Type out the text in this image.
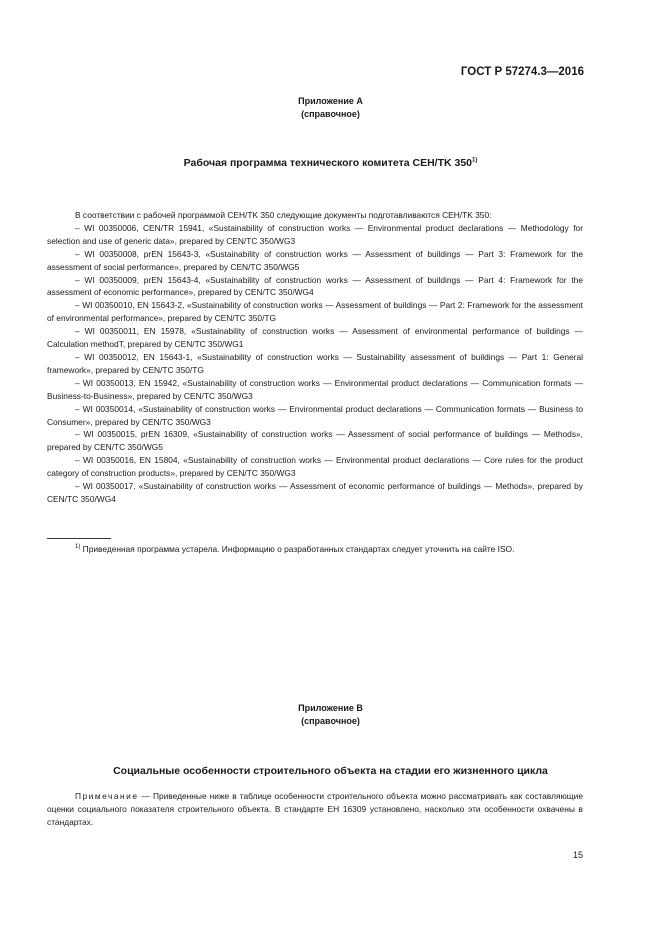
ГОСТ Р 57274.3—2016
Приложение А
(справочное)
Рабочая программа технического комитета CEH/TK 350$^{1)}$
В соответствии с рабочей программой CEH/TK 350 следующие документы подготавливаются CEH/TK 350:
– WI 00350006, CEN/TR 15941, «Sustainability of construction works — Environmental product declarations — Methodology for selection and use of generic data», prepared by CEN/TC 350/WG3
– WI 00350008, prEN 15643-3, «Sustainability of construction works — Assessment of buildings — Part 3: Framework for the assessment of social performance», prepared by CEN/TC 350/WG5
– WI 00350009, prEN 15643-4, «Sustainability of construction works — Assessment of buildings — Part 4: Framework for the assessment of economic performance», prepared by CEN/TC 350/WG4
– WI 00350010, EN 15643-2, «Sustainability of construction works — Assessment of buildings — Part 2: Framework for the assessment of environmental performance», prepared by CEN/TC 350/TG
– WI 00350011, EN 15978, «Sustainability of construction works — Assessment of environmental performance of buildings — Calculation methodT, prepared by CEN/TC 350/WG1
– WI 00350012, EN 15643-1, «Sustainability of construction works — Sustainability assessment of buildings — Part 1: General framework», prepared by CEN/TC 350/TG
– WI 00350013, EN 15942, «Sustainability of construction works — Environmental product declarations — Communication formats — Business-to-Business», prepared by CEN/TC 350/WG3
– WI 00350014, «Sustainability of construction works — Environmental product declarations — Communication formats — Business to Consumer», prepared by CEN/TC 350/WG3
– WI 00350015, prEN 16309, «Sustainability of construction works — Assessment of social performance of buildings — Methods», prepared by CEN/TC 350/WG5
– WI 00350016, EN 15804, «Sustainability of construction works — Environmental product declarations — Core rules for the product category of construction products», prepared by CEN/TC 350/WG3
– WI 00350017, «Sustainability of construction works — Assessment of economic performance of buildings — Methods», prepared by CEN/TC 350/WG4
$^{1)}$ Приведенная программа устарела. Информацию о разработанных стандартах следует уточнить на сайте ISO.
Приложение В
(справочное)
Социальные особенности строительного объекта на стадии его жизненного цикла
Примечание — Приведенные ниже в таблице особенности строительного объекта можно рассматривать как составляющие оценки социального показателя строительного объекта. В стандарте ЕН 16309 установлено, насколько эти особенности охвачены в стандартах.
15
